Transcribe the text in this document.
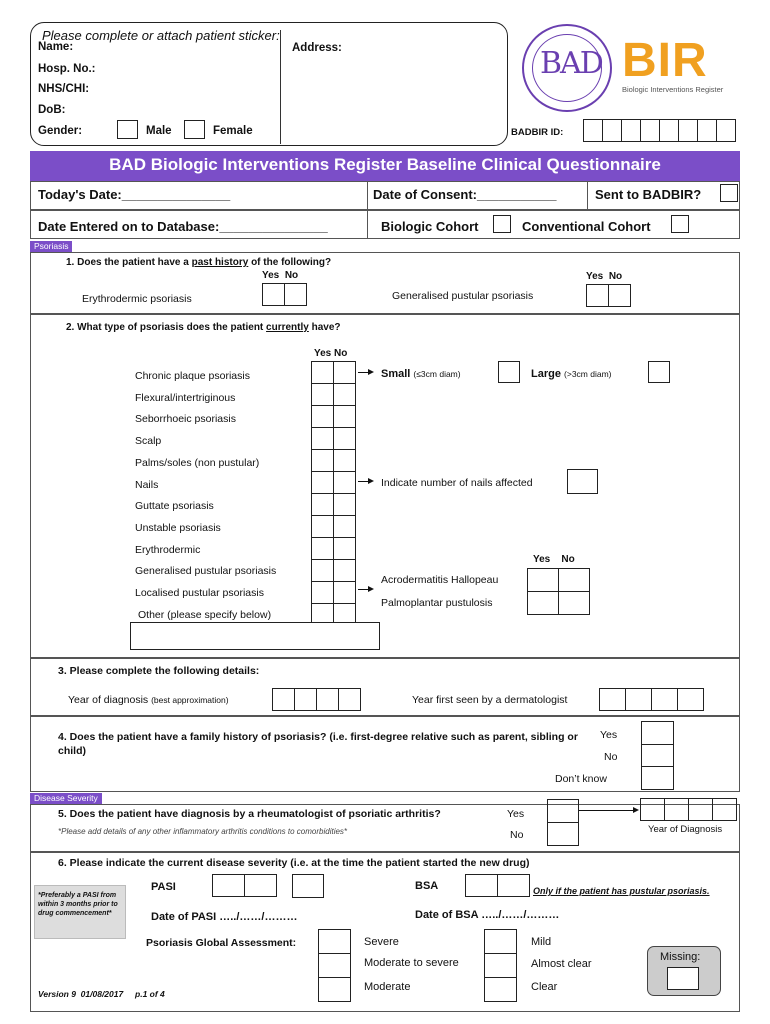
Please complete or attach patient sticker:
Name:	Address:
Hosp. No.:
NHS/CHI:
DoB:
Gender:	Male	Female
BAD BIR
Biologic Interventions Register
BADBIR ID:

BAD Biologic Interventions Register Baseline Clinical Questionnaire
Today's Date:_______________	Date of Consent:___________	Sent to BADBIR?
Date Entered on to Database:_______________	Biologic Cohort	Conventional Cohort
Psoriasis
1. Does the patient have a past history of the following?
Yes No
Erythrodermic psoriasis

Yes No
Generalised pustular psoriasis

2. What type of psoriasis does the patient currently have?
Yes No
Chronic plaque psoriasis
Flexural/intertriginous
Seborrhoeic psoriasis
Scalp
Palms/soles (non pustular)
Nails
Guttate psoriasis
Unstable psoriasis
Erythrodermic
Generalised pustular psoriasis
Localised pustular psoriasis
Other (please specify below)

Small (≤3cm diam)	Large (>3cm diam)
Indicate number of nails affected
Yes No
Acrodermatitis Hallopeau
Palmoplantar pustulosis

3. Please complete the following details:
Year of diagnosis (best approximation)
				Year first seen by a dermatologist

4. Does the patient have a family history of psoriasis? (i.e. first-degree relative such as parent, sibling or child)
Yes
No
Don’t know

Disease Severity
5. Does the patient have diagnosis by a rheumatologist of psoriatic arthritis?
*Please add details of any other inflammatory arthritis conditions to comorbidities*
Yes
No

				Year of Diagnosis
6. Please indicate the current disease severity (i.e. at the time the patient started the new drug)
*Preferably a PASI from within 3 months prior to drug commencement*
PASI
		BSA
		Only if the patient has pustular psoriasis.
Date of PASI …../……/………	Date of BSA …../……/………
Psoriasis Global Assessment:	Severe
Moderate to severe
Moderate

Mild
Almost clear
Clear
Missing:
Version 9  01/08/2017     p.1 of 4
